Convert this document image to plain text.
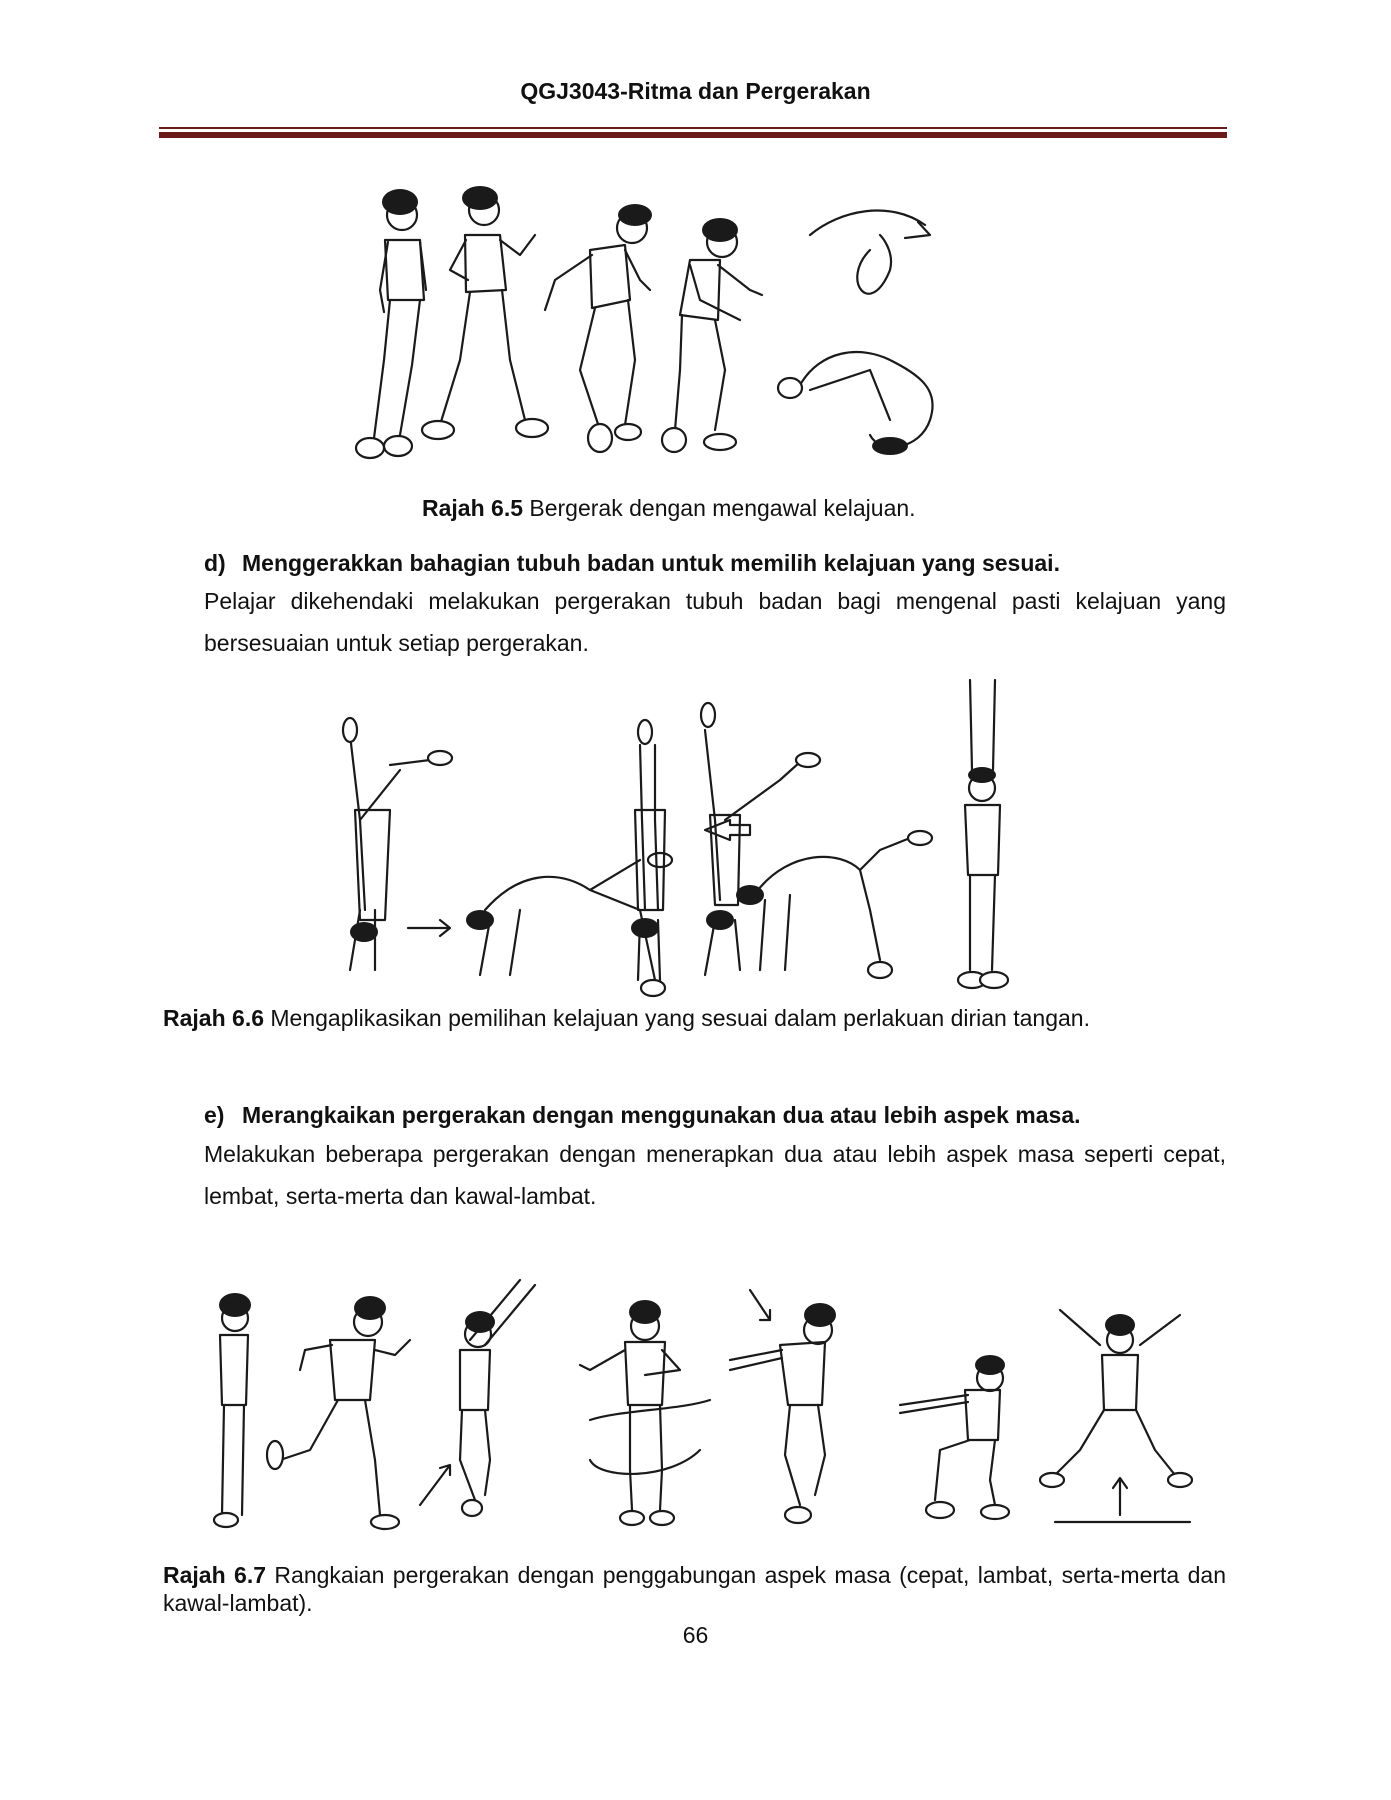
QGJ3043-Ritma dan Pergerakan
Rajah 6.5 Bergerak dengan mengawal kelajuan.
d) Menggerakkan bahagian tubuh badan untuk memilih kelajuan yang sesuai.
Pelajar dikehendaki melakukan pergerakan tubuh badan bagi mengenal pasti kelajuan yang bersesuaian untuk setiap pergerakan.
Rajah 6.6 Mengaplikasikan pemilihan kelajuan yang sesuai dalam perlakuan dirian tangan.
e) Merangkaikan pergerakan dengan menggunakan dua atau lebih aspek masa.
Melakukan beberapa pergerakan dengan menerapkan dua atau lebih aspek masa seperti cepat, lembat, serta-merta dan kawal-lambat.
Rajah 6.7 Rangkaian pergerakan dengan penggabungan aspek masa (cepat, lambat, serta-merta dan kawal-lambat).
66
